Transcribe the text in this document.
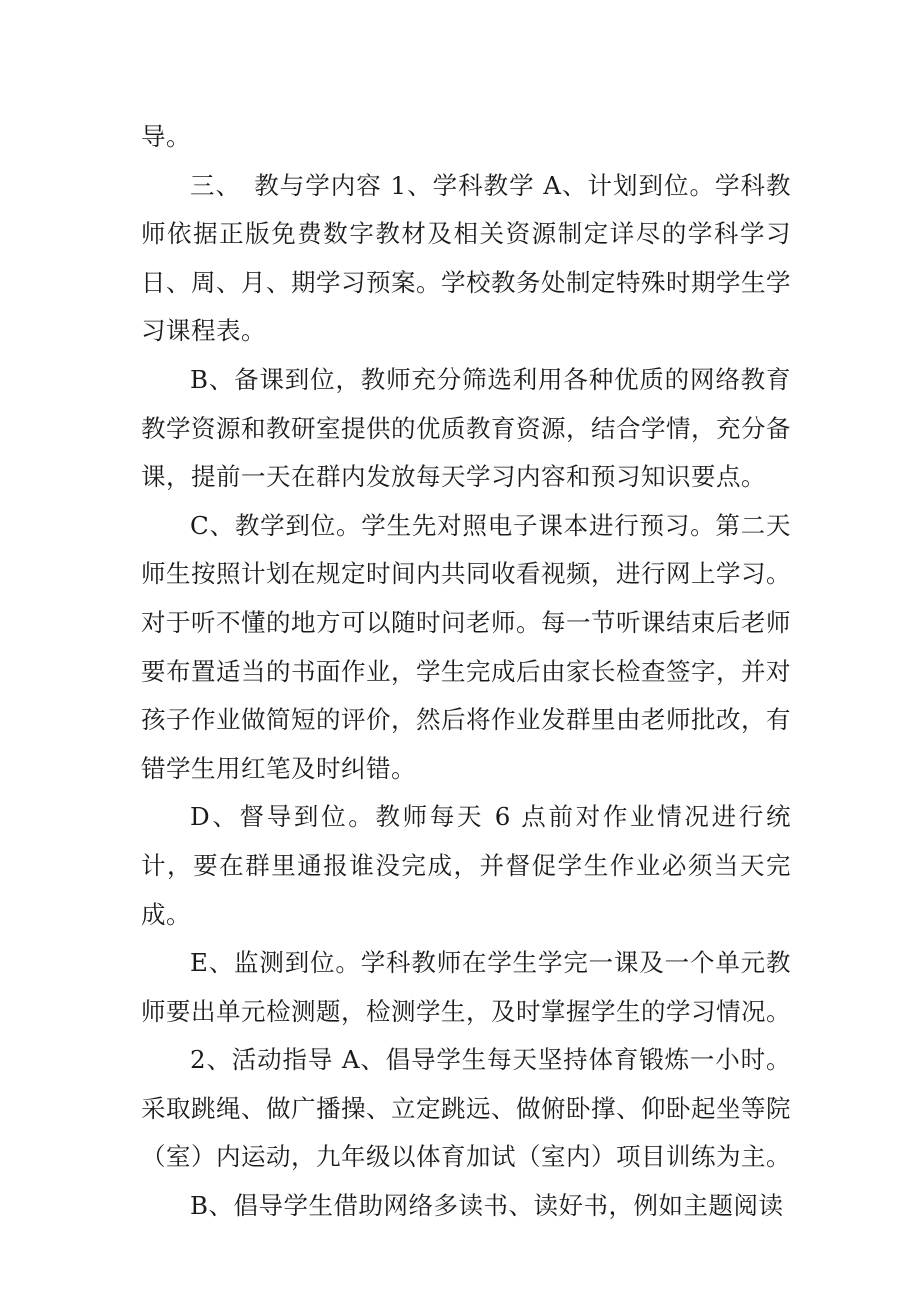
导。

三、　教与学内容 1、学科教学 A、计划到位。学科教师依据正版免费数字教材及相关资源制定详尽的学科学习日、周、月、期学习预案。学校教务处制定特殊时期学生学习课程表。

B、备课到位，教师充分筛选利用各种优质的网络教育教学资源和教研室提供的优质教育资源，结合学情，充分备课，提前一天在群内发放每天学习内容和预习知识要点。

C、教学到位。学生先对照电子课本进行预习。第二天师生按照计划在规定时间内共同收看视频，进行网上学习。对于听不懂的地方可以随时问老师。每一节听课结束后老师要布置适当的书面作业，学生完成后由家长检查签字，并对孩子作业做简短的评价，然后将作业发群里由老师批改，有错学生用红笔及时纠错。

D、督导到位。教师每天 6 点前对作业情况进行统计，要在群里通报谁没完成，并督促学生作业必须当天完成。

E、监测到位。学科教师在学生学完一课及一个单元教师要出单元检测题，检测学生，及时掌握学生的学习情况。

2、活动指导 A、倡导学生每天坚持体育锻炼一小时。采取跳绳、做广播操、立定跳远、做俯卧撑、仰卧起坐等院（室）内运动，九年级以体育加试（室内）项目训练为主。

B、倡导学生借助网络多读书、读好书，例如主题阅读
